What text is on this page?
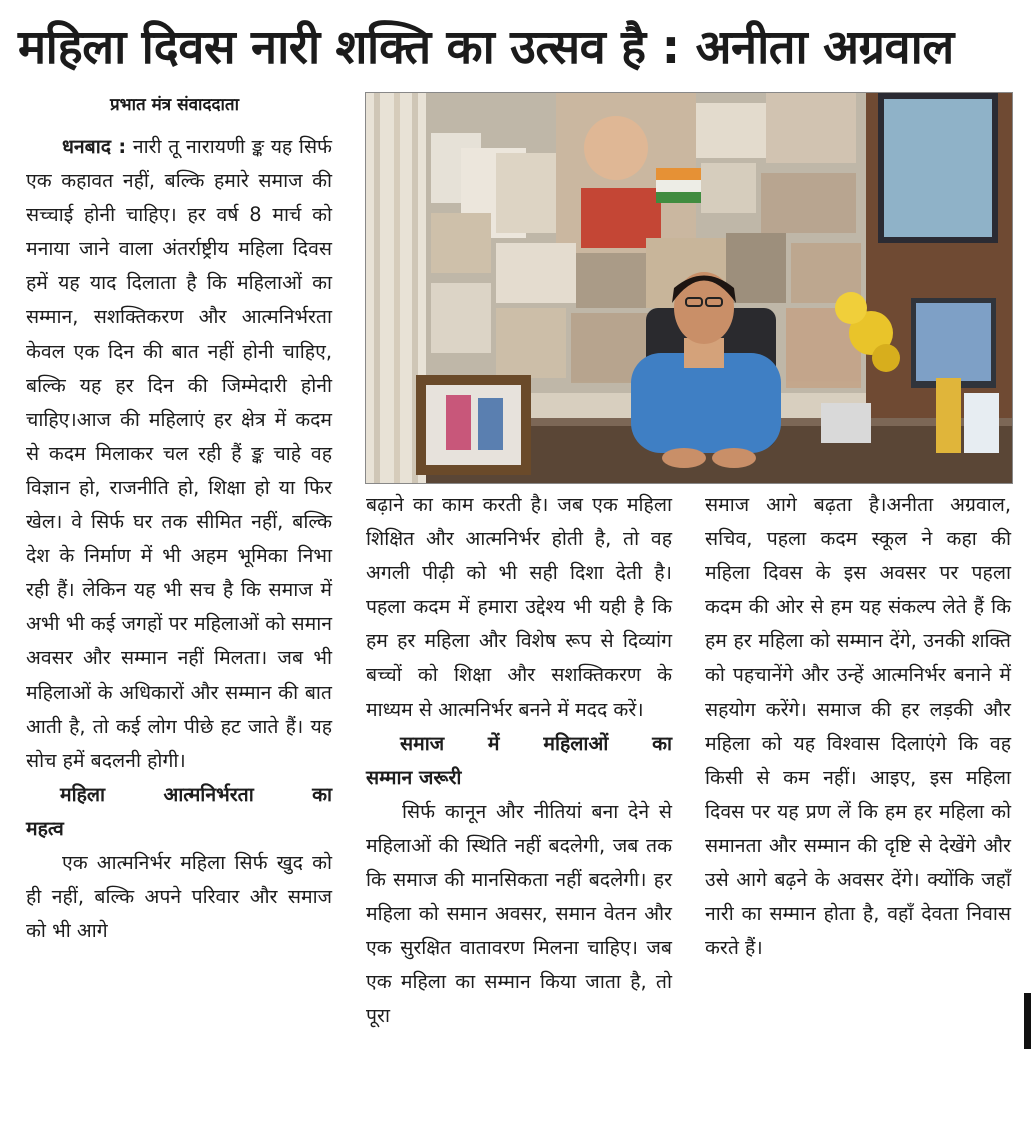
महिला दिवस नारी शक्ति का उत्सव है : अनीता अग्रवाल
प्रभात मंत्र संवाददाता

धनबाद : नारी तू नारायणी ङ्क यह सिर्फ एक कहावत नहीं, बल्कि हमारे समाज की सच्चाई होनी चाहिए। हर वर्ष 8 मार्च को मनाया जाने वाला अंतर्राष्ट्रीय महिला दिवस हमें यह याद दिलाता है कि महिलाओं का सम्मान, सशक्तिकरण और आत्मनिर्भरता केवल एक दिन की बात नहीं होनी चाहिए, बल्कि यह हर दिन की जिम्मेदारी होनी चाहिए।आज की महिलाएं हर क्षेत्र में कदम से कदम मिलाकर चल रही हैं ङ्क चाहे वह विज्ञान हो, राजनीति हो, शिक्षा हो या फिर खेल। वे सिर्फ घर तक सीमित नहीं, बल्कि देश के निर्माण में भी अहम भूमिका निभा रही हैं। लेकिन यह भी सच है कि समाज में अभी भी कई जगहों पर महिलाओं को समान अवसर और सम्मान नहीं मिलता। जब भी महिलाओं के अधिकारों और सम्मान की बात आती है, तो कई लोग पीछे हट जाते हैं। यह सोच हमें बदलनी होगी।

महिला आत्मनिर्भरता का
महत्व

एक आत्मनिर्भर महिला सिर्फ खुद को ही नहीं, बल्कि अपने परिवार और समाज को भी आगे

बढ़ाने का काम करती है। जब एक महिला शिक्षित और आत्मनिर्भर होती है, तो वह अगली पीढ़ी को भी सही दिशा देती है। पहला कदम में हमारा उद्देश्य भी यही है कि हम हर महिला और विशेष रूप से दिव्यांग बच्चों को शिक्षा और सशक्तिकरण के माध्यम से आत्मनिर्भर बनने में मदद करें।

समाज में महिलाओं का
सम्मान जरूरी

सिर्फ कानून और नीतियां बना देने से महिलाओं की स्थिति नहीं बदलेगी, जब तक कि समाज की मानसिकता नहीं बदलेगी। हर महिला को समान अवसर, समान वेतन और एक सुरक्षित वातावरण मिलना चाहिए। जब एक महिला का सम्मान किया जाता है, तो पूरा

समाज आगे बढ़ता है।अनीता अग्रवाल, सचिव, पहला कदम स्कूल ने कहा की महिला दिवस के इस अवसर पर पहला कदम की ओर से हम यह संकल्प लेते हैं कि हम हर महिला को सम्मान देंगे, उनकी शक्ति को पहचानेंगे और उन्हें आत्मनिर्भर बनाने में सहयोग करेंगे। समाज की हर लड़की और महिला को यह विश्वास दिलाएंगे कि वह किसी से कम नहीं। आइए, इस महिला दिवस पर यह प्रण लें कि हम हर महिला को समानता और सम्मान की दृष्टि से देखेंगे और उसे आगे बढ़ने के अवसर देंगे। क्योंकि जहाँ नारी का सम्मान होता है, वहाँ देवता निवास करते हैं।
